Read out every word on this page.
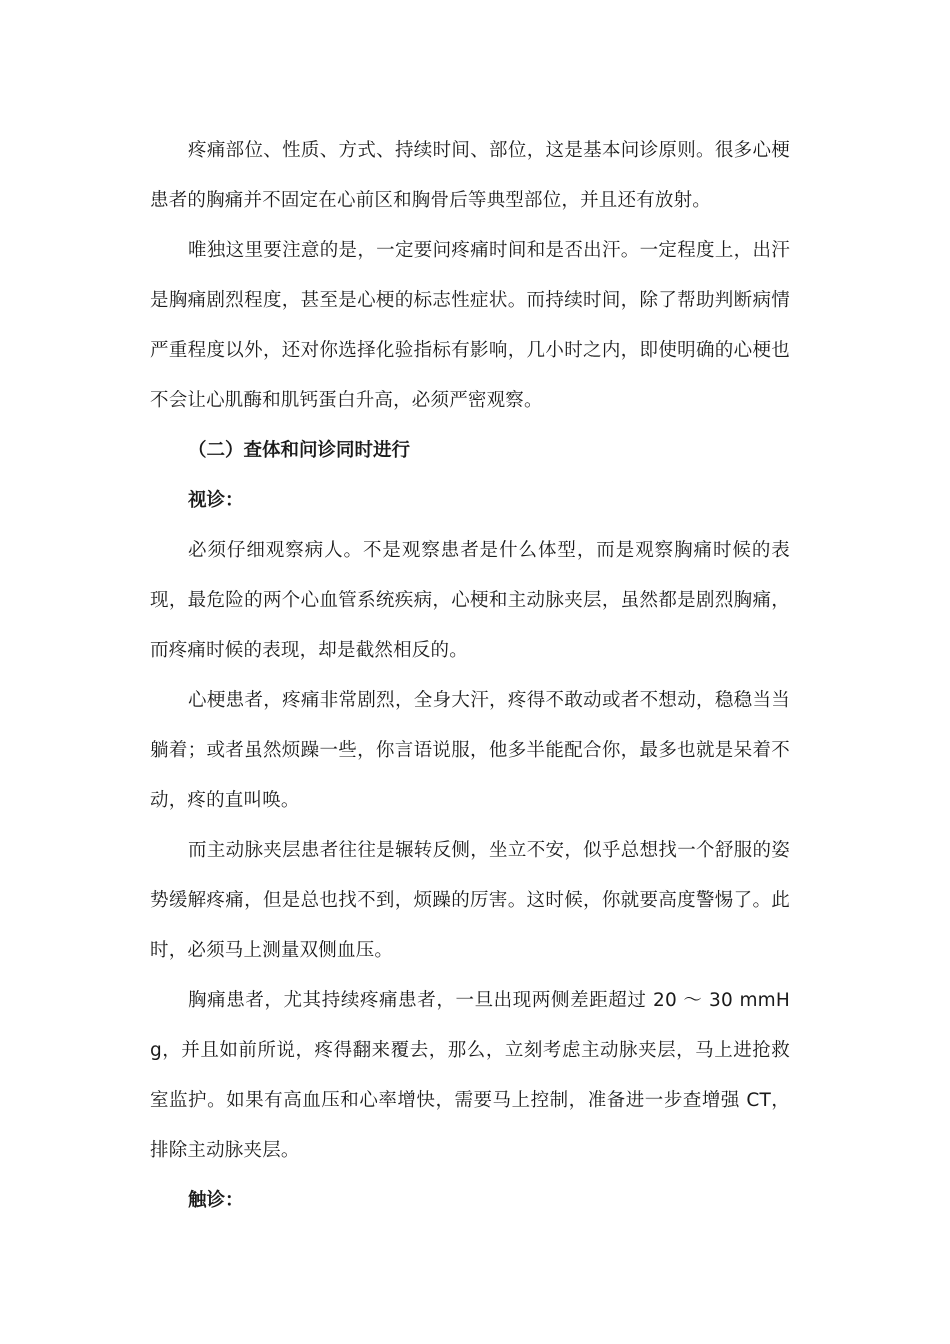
疼痛部位、性质、方式、持续时间、部位，这是基本问诊原则。很多心梗患者的胸痛并不固定在心前区和胸骨后等典型部位，并且还有放射。

唯独这里要注意的是，一定要问疼痛时间和是否出汗。一定程度上，出汗是胸痛剧烈程度，甚至是心梗的标志性症状。而持续时间，除了帮助判断病情严重程度以外，还对你选择化验指标有影响，几小时之内，即使明确的心梗也不会让心肌酶和肌钙蛋白升高，必须严密观察。

（二）查体和问诊同时进行

视诊：

必须仔细观察病人。不是观察患者是什么体型，而是观察胸痛时候的表现，最危险的两个心血管系统疾病，心梗和主动脉夹层，虽然都是剧烈胸痛，而疼痛时候的表现，却是截然相反的。

心梗患者，疼痛非常剧烈，全身大汗，疼得不敢动或者不想动，稳稳当当躺着；或者虽然烦躁一些，你言语说服，他多半能配合你，最多也就是呆着不动，疼的直叫唤。

而主动脉夹层患者往往是辗转反侧，坐立不安，似乎总想找一个舒服的姿势缓解疼痛，但是总也找不到，烦躁的厉害。这时候，你就要高度警惕了。此时，必须马上测量双侧血压。

胸痛患者，尤其持续疼痛患者，一旦出现两侧差距超过 20 ～ 30 mmHg，并且如前所说，疼得翻来覆去，那么，立刻考虑主动脉夹层，马上进抢救室监护。如果有高血压和心率增快，需要马上控制，准备进一步查增强 CT，排除主动脉夹层。

触诊：
